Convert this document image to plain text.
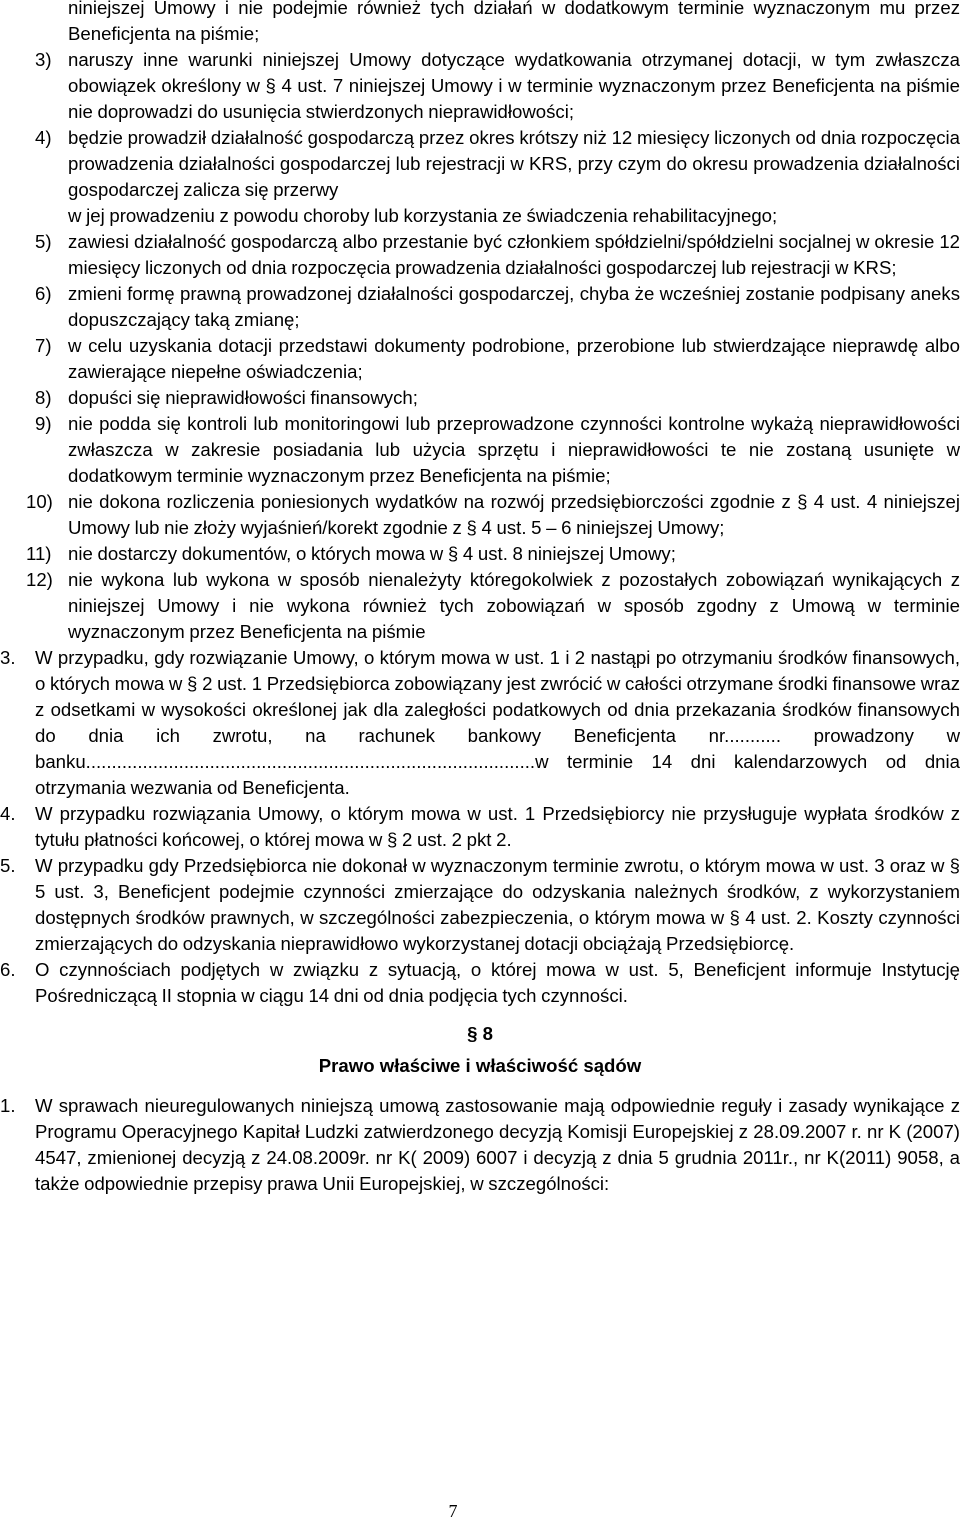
niniejszej Umowy i nie podejmie również tych działań w dodatkowym terminie wyznaczonym mu przez Beneficjenta na piśmie;

3) naruszy inne warunki niniejszej Umowy dotyczące wydatkowania otrzymanej dotacji, w tym zwłaszcza obowiązek określony w § 4 ust. 7 niniejszej Umowy i w terminie wyznaczonym przez Beneficjenta na piśmie nie doprowadzi do usunięcia stwierdzonych nieprawidłowości;

4) będzie prowadził działalność gospodarczą przez okres krótszy niż 12 miesięcy liczonych od dnia rozpoczęcia prowadzenia działalności gospodarczej lub rejestracji w KRS, przy czym do okresu prowadzenia działalności gospodarczej zalicza się przerwy

w jej prowadzeniu z powodu choroby lub korzystania ze świadczenia rehabilitacyjnego;

5) zawiesi działalność gospodarczą albo przestanie być członkiem spółdzielni/spółdzielni socjalnej w okresie 12 miesięcy liczonych od dnia rozpoczęcia prowadzenia działalności gospodarczej lub rejestracji w KRS;

6) zmieni formę prawną prowadzonej działalności gospodarczej, chyba że wcześniej zostanie podpisany aneks dopuszczający taką zmianę;

7) w celu uzyskania dotacji przedstawi dokumenty podrobione, przerobione lub stwierdzające nieprawdę albo zawierające niepełne oświadczenia;

8) dopuści się nieprawidłowości finansowych;

9) nie podda się kontroli lub monitoringowi lub przeprowadzone czynności kontrolne wykażą nieprawidłowości zwłaszcza w zakresie posiadania lub użycia sprzętu i nieprawidłowości te nie zostaną usunięte w dodatkowym terminie wyznaczonym przez Beneficjenta na piśmie;

10) nie dokona rozliczenia poniesionych wydatków na rozwój przedsiębiorczości zgodnie z § 4 ust. 4 niniejszej Umowy lub nie złoży wyjaśnień/korekt zgodnie z § 4 ust. 5 – 6 niniejszej Umowy;

11) nie dostarczy dokumentów, o których mowa w § 4 ust. 8 niniejszej Umowy;

12) nie wykona lub wykona w sposób nienależyty któregokolwiek z pozostałych zobowiązań wynikających z niniejszej Umowy i nie wykona również tych zobowiązań w sposób zgodny z Umową w terminie wyznaczonym przez Beneficjenta na piśmie

3. W przypadku, gdy rozwiązanie Umowy, o którym mowa w ust. 1 i 2 nastąpi po otrzymaniu środków finansowych, o których mowa w § 2 ust. 1 Przedsiębiorca zobowiązany jest zwrócić w całości otrzymane środki finansowe wraz z odsetkami w wysokości określonej jak dla zaległości podatkowych od dnia przekazania środków finansowych do dnia ich zwrotu, na rachunek bankowy Beneficjenta nr........... prowadzony w banku.......................................................................................w terminie 14 dni kalendarzowych od dnia otrzymania wezwania od Beneficjenta.

4. W przypadku rozwiązania Umowy, o którym mowa w ust. 1 Przedsiębiorcy nie przysługuje wypłata środków z tytułu płatności końcowej, o której mowa w § 2 ust. 2 pkt 2.

5. W przypadku gdy Przedsiębiorca nie dokonał w wyznaczonym terminie zwrotu, o którym mowa w ust. 3 oraz w § 5 ust. 3, Beneficjent podejmie czynności zmierzające do odzyskania należnych środków, z wykorzystaniem dostępnych środków prawnych, w szczególności zabezpieczenia, o którym mowa w § 4 ust. 2. Koszty czynności zmierzających do odzyskania nieprawidłowo wykorzystanej dotacji obciążają Przedsiębiorcę.

6. O czynnościach podjętych w związku z sytuacją, o której mowa w ust. 5, Beneficjent informuje Instytucję Pośredniczącą II stopnia w ciągu 14 dni od dnia podjęcia tych czynności.

§ 8

Prawo właściwe i właściwość sądów

1. W sprawach nieuregulowanych niniejszą umową zastosowanie mają odpowiednie reguły i zasady wynikające z Programu Operacyjnego Kapitał Ludzki zatwierdzonego decyzją Komisji Europejskiej z 28.09.2007 r. nr K (2007) 4547, zmienionej decyzją z 24.08.2009r. nr K( 2009) 6007 i decyzją z dnia 5 grudnia 2011r., nr K(2011) 9058, a także odpowiednie przepisy prawa Unii Europejskiej, w szczególności:

7
